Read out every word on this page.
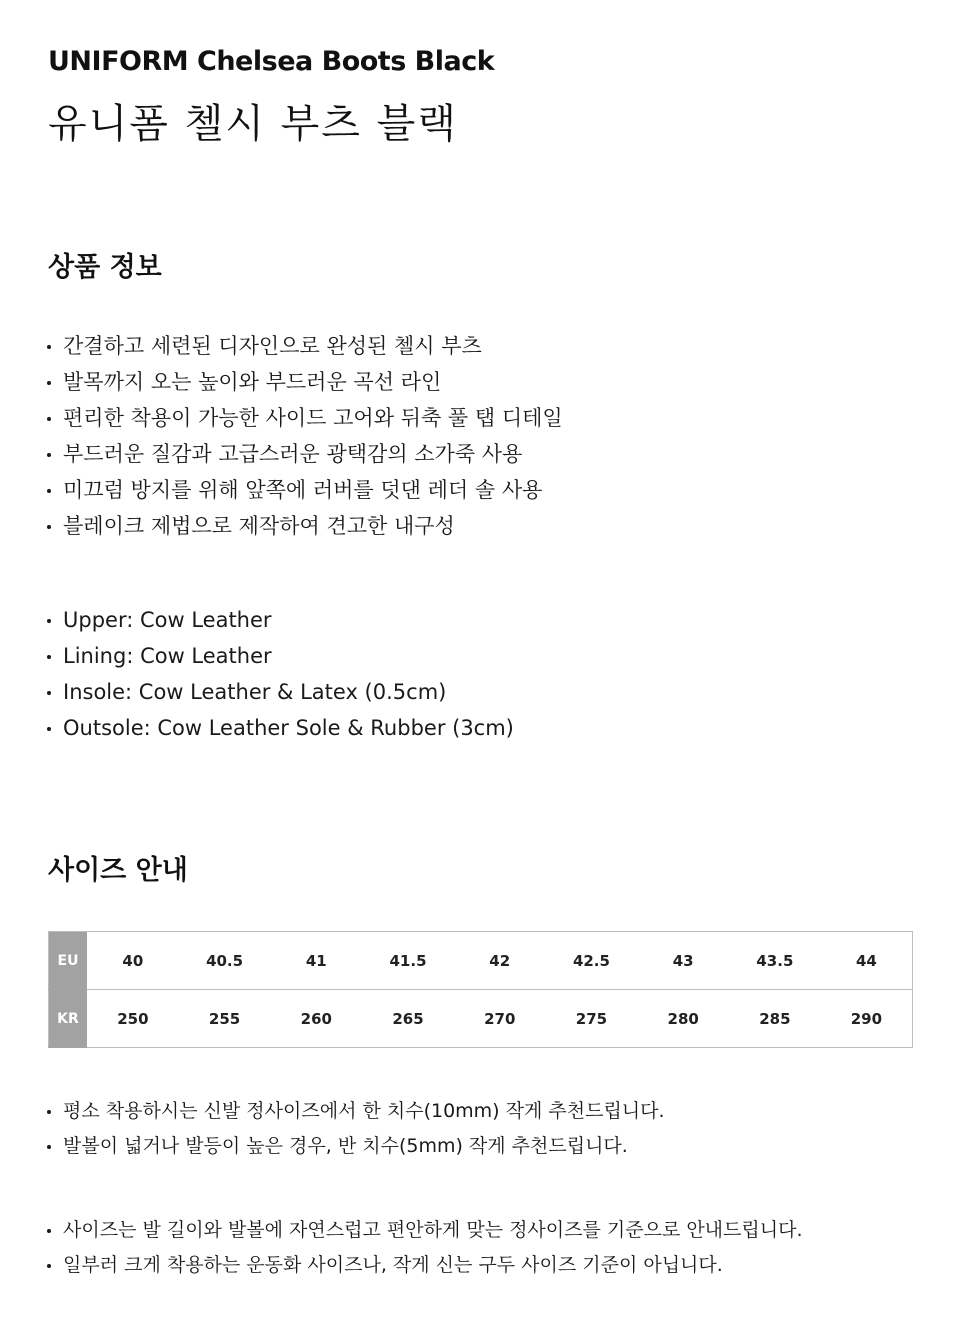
UNIFORM Chelsea Boots Black
유니폼 첼시 부츠 블랙
상품 정보
간결하고 세련된 디자인으로 완성된 첼시 부츠
발목까지 오는 높이와 부드러운 곡선 라인
편리한 착용이 가능한 사이드 고어와 뒤축 풀 탭 디테일
부드러운 질감과 고급스러운 광택감의 소가죽 사용
미끄럼 방지를 위해 앞쪽에 러버를 덧댄 레더 솔 사용
블레이크 제법으로 제작하여 견고한 내구성
Upper: Cow Leather
Lining: Cow Leather
Insole: Cow Leather & Latex (0.5cm)
Outsole: Cow Leather Sole & Rubber (3cm)
사이즈 안내
EU	40	40.5	41	41.5	42	42.5	43	43.5	44
KR	250	255	260	265	270	275	280	285	290
평소 착용하시는 신발 정사이즈에서 한 치수(10mm) 작게 추천드립니다.
발볼이 넓거나 발등이 높은 경우, 반 치수(5mm) 작게 추천드립니다.
사이즈는 발 길이와 발볼에 자연스럽고 편안하게 맞는 정사이즈를 기준으로 안내드립니다.
일부러 크게 착용하는 운동화 사이즈나, 작게 신는 구두 사이즈 기준이 아닙니다.
